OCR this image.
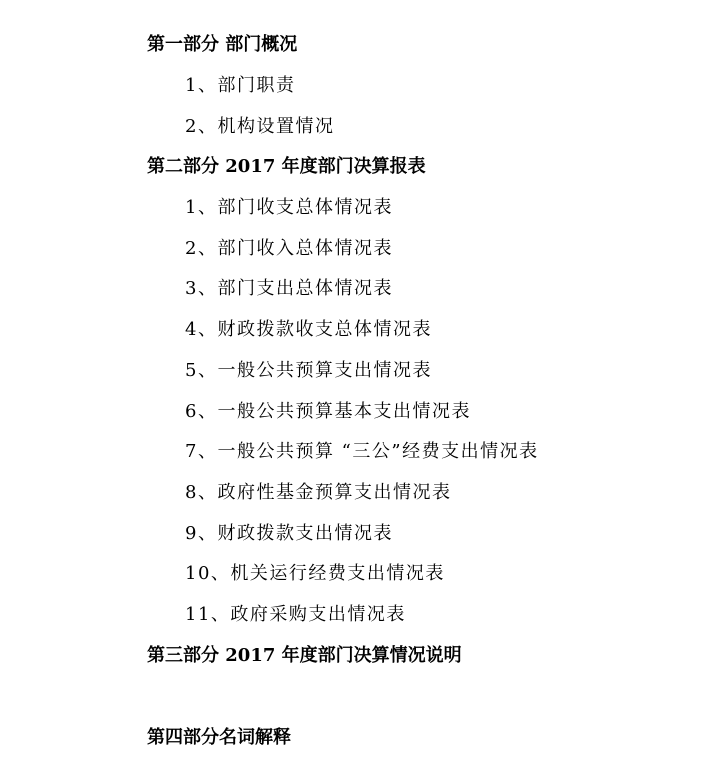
第一部分 部门概况
1、部门职责
2、机构设置情况
第二部分 2017 年度部门决算报表
1、部门收支总体情况表
2、部门收入总体情况表
3、部门支出总体情况表
4、财政拨款收支总体情况表
5、一般公共预算支出情况表
6、一般公共预算基本支出情况表
7、一般公共预算 “三公”经费支出情况表
8、政府性基金预算支出情况表
9、财政拨款支出情况表
10、机关运行经费支出情况表
11、政府采购支出情况表
第三部分 2017 年度部门决算情况说明
第四部分名词解释
